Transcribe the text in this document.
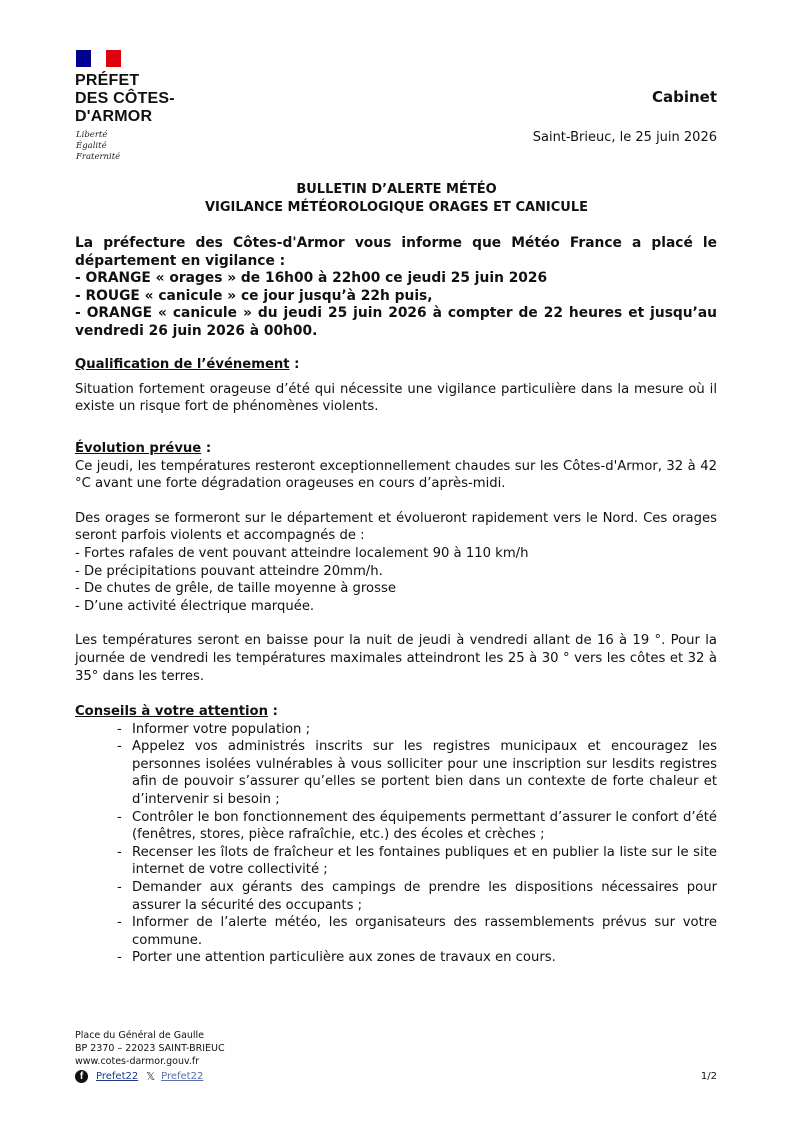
PRÉFET
DES CÔTES-
D'ARMOR
Liberté
Égalité
Fraternité
Cabinet
Saint-Brieuc, le 25 juin 2026
BULLETIN D’ALERTE MÉTÉO
VIGILANCE MÉTÉOROLOGIQUE ORAGES ET CANICULE

La préfecture des Côtes-d'Armor vous informe que Météo France a placé le département en vigilance :

- ORANGE « orages » de 16h00 à 22h00 ce jeudi 25 juin 2026

- ROUGE « canicule » ce jour jusqu’à 22h puis,

- ORANGE « canicule » du jeudi 25 juin 2026 à compter de 22 heures et jusqu’au vendredi 26 juin 2026 à 00h00.

Qualification de l’événement :

Situation fortement orageuse d’été qui nécessite une vigilance particulière dans la mesure où il existe un risque fort de phénomènes violents.

Évolution prévue :

Ce jeudi, les températures resteront exceptionnellement chaudes sur les Côtes-d'Armor, 32 à 42 °C avant une forte dégradation orageuses en cours d’après-midi.

Des orages se formeront sur le département et évolueront rapidement vers le Nord. Ces orages seront parfois violents et accompagnés de :

- Fortes rafales de vent pouvant atteindre localement 90 à 110 km/h

- De précipitations pouvant atteindre 20mm/h.

- De chutes de grêle, de taille moyenne à grosse

- D’une activité électrique marquée.

Les températures seront en baisse pour la nuit de jeudi à vendredi allant de 16 à 19 °. Pour la journée de vendredi les températures maximales atteindront les 25 à 30 ° vers les côtes et 32 à 35° dans les terres.

Conseils à votre attention :

- Informer votre population ;
- Appelez vos administrés inscrits sur les registres municipaux et encouragez les personnes isolées vulnérables à vous solliciter pour une inscription sur lesdits registres afin de pouvoir s’assurer qu’elles se portent bien dans un contexte de forte chaleur et d’intervenir si besoin ;
- Contrôler le bon fonctionnement des équipements permettant d’assurer le confort d’été (fenêtres, stores, pièce rafraîchie, etc.) des écoles et crèches ;
- Recenser les îlots de fraîcheur et les fontaines publiques et en publier la liste sur le site internet de votre collectivité ;
- Demander aux gérants des campings de prendre les dispositions nécessaires pour assurer la sécurité des occupants ;
- Informer de l’alerte météo, les organisateurs des rassemblements prévus sur votre commune.
- Porter une attention particulière aux zones de travaux en cours.
Place du Général de Gaulle
BP 2370 – 22023 SAINT-BRIEUC
www.cotes-darmor.gouv.fr
f	Prefet22 𝕏 Prefet22	1/2
